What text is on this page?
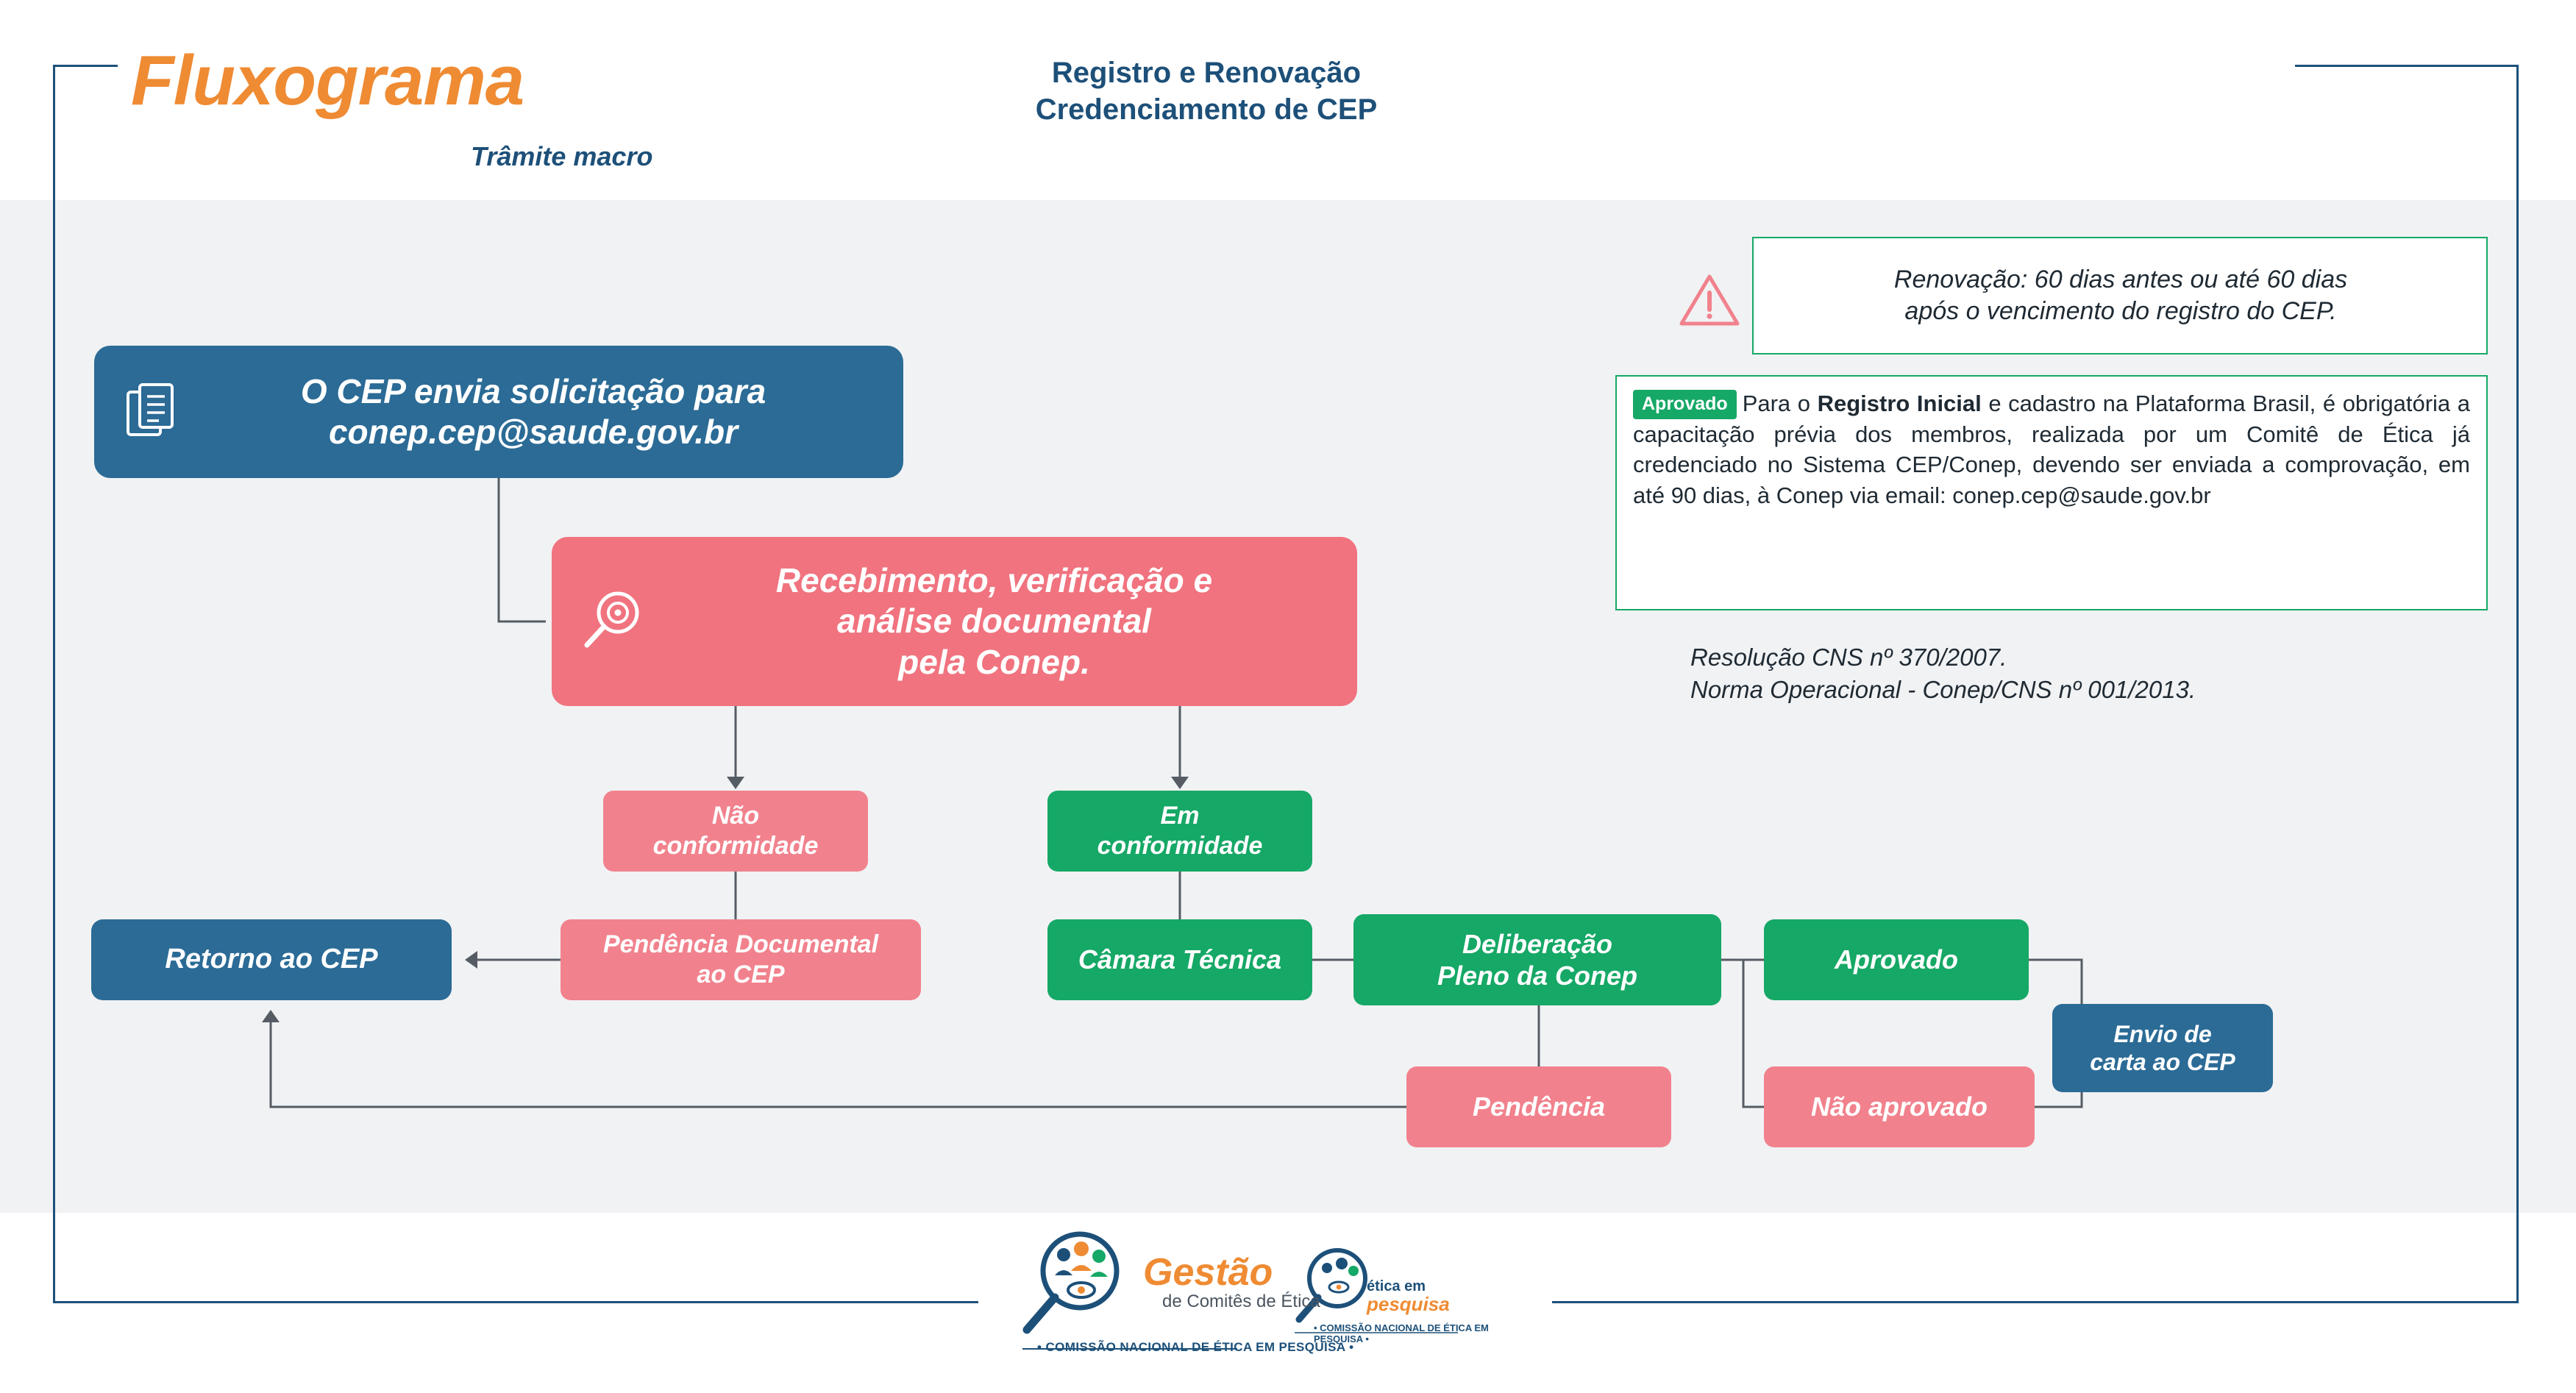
Fluxograma
Trâmite macro
Registro e Renovação
Credenciamento de CEP
O CEP envia solicitação para
conep.cep@saude.gov.br
Recebimento, verificação e
análise documental
pela Conep.
Não
conformidade
Em
conformidade
Pendência Documental
ao CEP
Retorno ao CEP	Câmara Técnica
Deliberação
Pleno da Conep
Aprovado
Pendência	Não aprovado
Envio de
carta ao CEP
Renovação: 60 dias antes ou até 60 dias
após o vencimento do registro do CEP.
Aprovado Para o Registro Inicial e cadastro na Plataforma Brasil, é obrigatória a capacitação prévia dos membros, realizada por um Comitê de Ética já credenciado no Sistema CEP/Conep, devendo ser enviada a comprovação, em até 90 dias, à Conep via email: conep.cep@saude.gov.br
Resolução CNS nº 370/2007.
Norma Operacional - Conep/CNS nº 001/2013.
Gestão
de Comitês de Ética
• COMISSÃO NACIONAL DE ÉTICA EM PESQUISA •
ética em
pesquisa
• COMISSÃO NACIONAL DE ÉTICA EM PESQUISA •
